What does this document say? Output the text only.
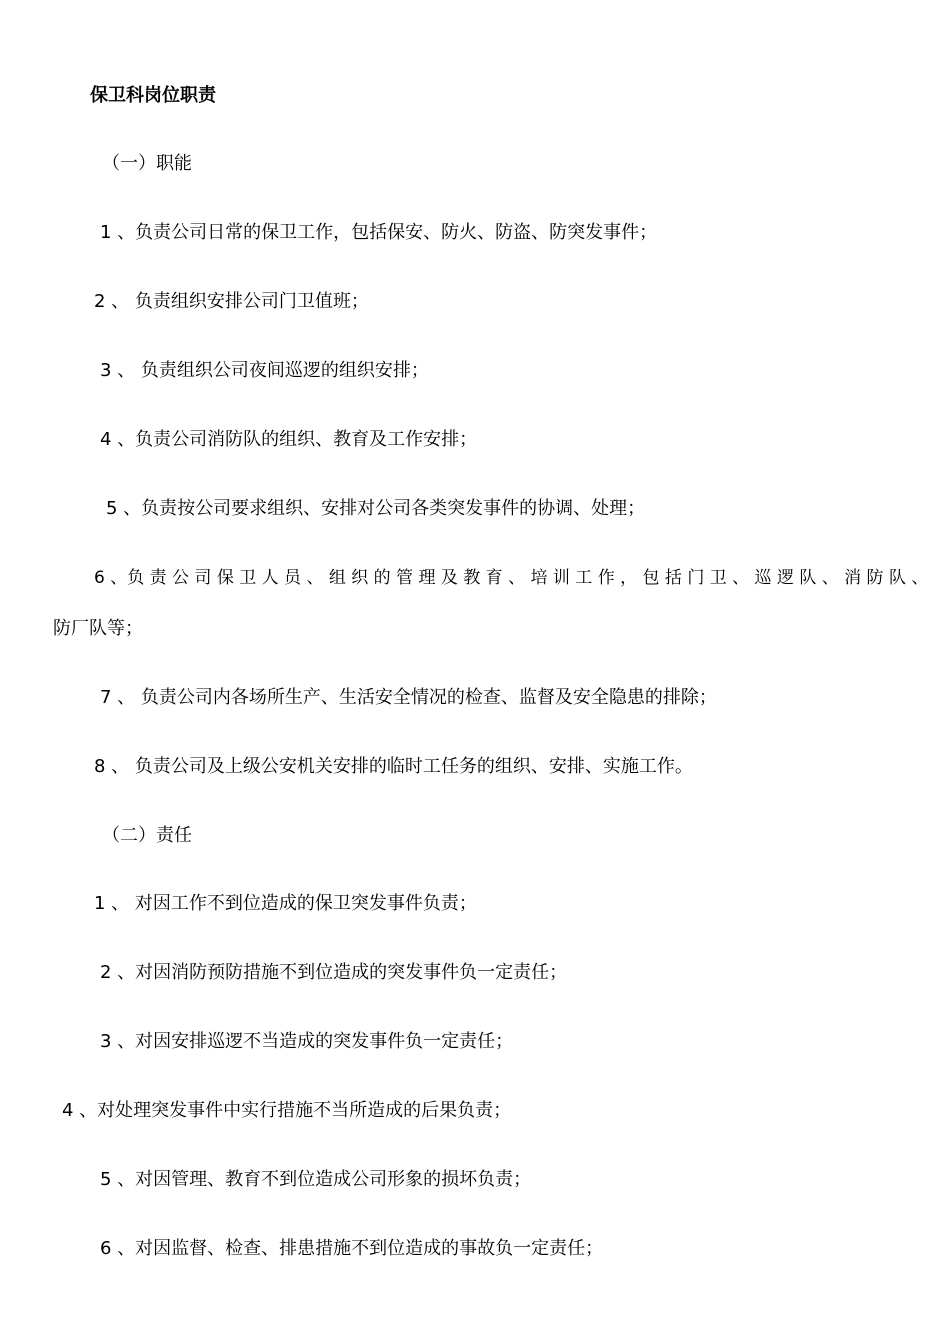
保卫科岗位职责

（一）职能

1 、负责公司日常的保卫工作，包括保安、防火、防盗、防突发事件；

2 、 负责组织安排公司门卫值班；

3 、 负责组织公司夜间巡逻的组织安排；

4 、负责公司消防队的组织、教育及工作安排；

5 、负责按公司要求组织、安排对公司各类突发事件的协调、处理；

6 、负 责 公 司 保 卫 人 员 、 组 织 的 管 理 及 教 育 、 培 训 工 作 ， 包 括 门 卫 、 巡 逻 队 、 消 防 队 、

防厂队等；

7 、 负责公司内各场所生产、生活安全情况的检查、监督及安全隐患的排除；

8 、 负责公司及上级公安机关安排的临时工任务的组织、安排、实施工作。

（二）责任

1 、 对因工作不到位造成的保卫突发事件负责；

2 、对因消防预防措施不到位造成的突发事件负一定责任；

3 、对因安排巡逻不当造成的突发事件负一定责任；

4 、对处理突发事件中实行措施不当所造成的后果负责；

5 、对因管理、教育不到位造成公司形象的损坏负责；

6 、对因监督、检查、排患措施不到位造成的事故负一定责任；
